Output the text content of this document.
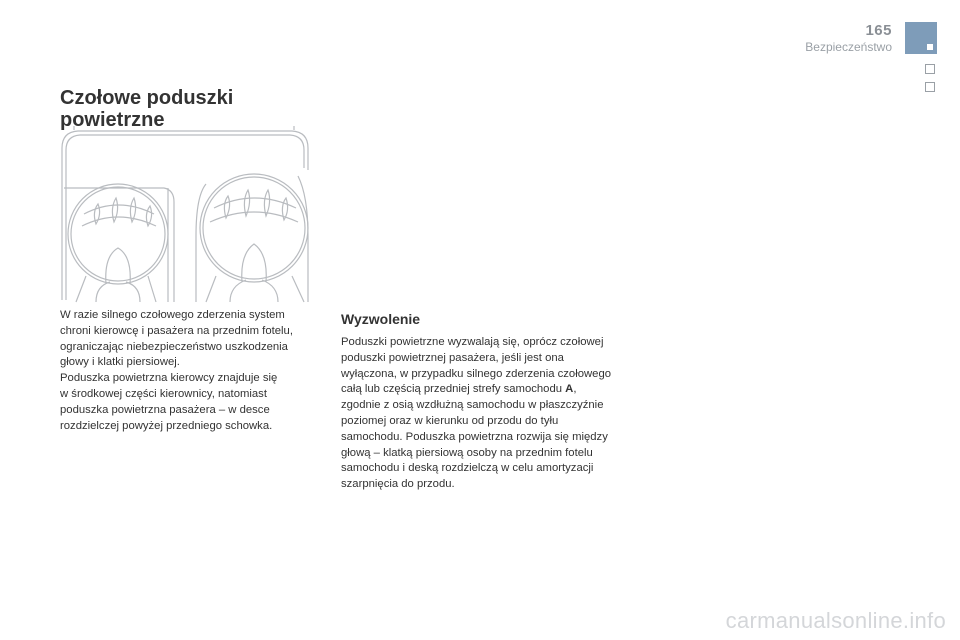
165
Bezpieczeństwo
Czołowe poduszki powietrzne

W razie silnego czołowego zderzenia system
chroni kierowcę i pasażera na przednim fotelu,
ograniczając niebezpieczeństwo uszkodzenia
głowy i klatki piersiowej.
Poduszka powietrzna kierowcy znajduje się
w środkowej części kierownicy, natomiast
poduszka powietrzna pasażera – w desce
rozdzielczej powyżej przedniego schowka.

Wyzwolenie

Poduszki powietrzne wyzwalają się, oprócz czołowej poduszki powietrznej pasażera, jeśli jest ona wyłączona, w przypadku silnego zderzenia czołowego całą lub częścią przedniej strefy samochodu A, zgodnie z osią wzdłużną samochodu w płaszczyźnie poziomej oraz w kierunku od przodu do tyłu samochodu. Poduszka powietrzna rozwija się między głową – klatką piersiową osoby na przednim fotelu samochodu i deską rozdzielczą w celu amortyzacji szarpnięcia do przodu.

carmanualsonline.info
